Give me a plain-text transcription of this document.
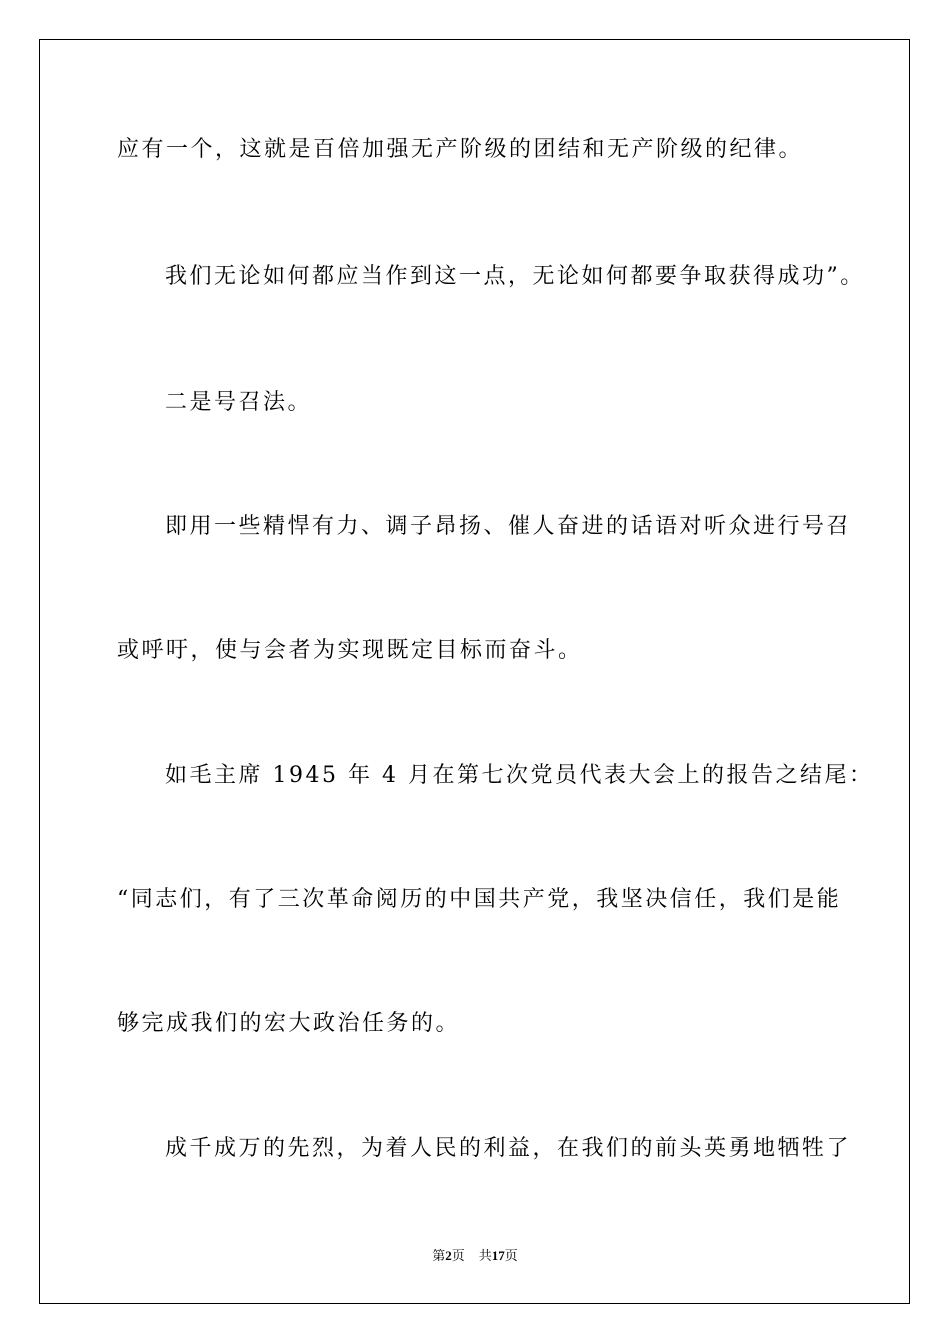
应有一个，这就是百倍加强无产阶级的团结和无产阶级的纪律。
我们无论如何都应当作到这一点，无论如何都要争取获得成功”。
二是号召法。
即用一些精悍有力、调子昂扬、催人奋进的话语对听众进行号召
或呼吁，使与会者为实现既定目标而奋斗。
如毛主席 1945 年 4 月在第七次党员代表大会上的报告之结尾：
“同志们，有了三次革命阅历的中国共产党，我坚决信任，我们是能
够完成我们的宏大政治任务的。
成千成万的先烈，为着人民的利益，在我们的前头英勇地牺牲了
第2页 共17页
